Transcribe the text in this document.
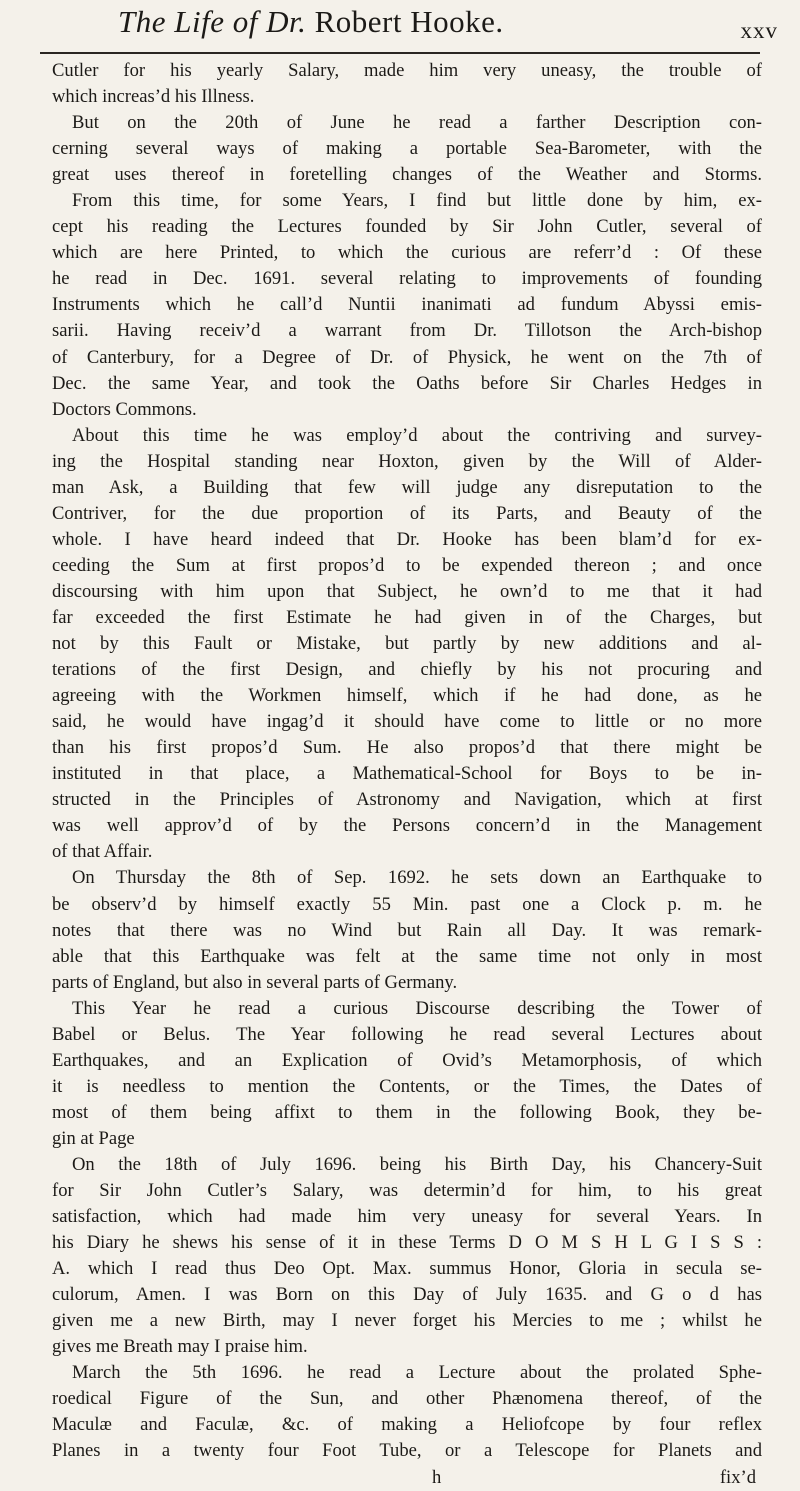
The Life of Dr. Robert Hooke.	xxv
Cutler for his yearly Salary, made him very uneasy, the trouble of
which increas’d his Illness.
But on the 20th of June he read a farther Description con-
cerning several ways of making a portable Sea-Barometer, with the
great uses thereof in foretelling changes of the Weather and Storms.
From this time, for some Years, I find but little done by him, ex-
cept his reading the Lectures founded by Sir John Cutler, several of
which are here Printed, to which the curious are referr’d : Of these
he read in Dec. 1691. several relating to improvements of founding
Instruments which he call’d Nuntii inanimati ad fundum Abyssi emis-
sarii. Having receiv’d a warrant from Dr. Tillotson the Arch-bishop
of Canterbury, for a Degree of Dr. of Physick, he went on the 7th of
Dec. the same Year, and took the Oaths before Sir Charles Hedges in
Doctors Commons.
About this time he was employ’d about the contriving and survey-
ing the Hospital standing near Hoxton, given by the Will of Alder-
man Ask, a Building that few will judge any disreputation to the
Contriver, for the due proportion of its Parts, and Beauty of the
whole. I have heard indeed that Dr. Hooke has been blam’d for ex-
ceeding the Sum at first propos’d to be expended thereon ; and once
discoursing with him upon that Subject, he own’d to me that it had
far exceeded the first Estimate he had given in of the Charges, but
not by this Fault or Mistake, but partly by new additions and al-
terations of the first Design, and chiefly by his not procuring and
agreeing with the Workmen himself, which if he had done, as he
said, he would have ingag’d it should have come to little or no more
than his first propos’d Sum. He also propos’d that there might be
instituted in that place, a Mathematical-School for Boys to be in-
structed in the Principles of Astronomy and Navigation, which at first
was well approv’d of by the Persons concern’d in the Management
of that Affair.
On Thursday the 8th of Sep. 1692. he sets down an Earthquake to
be observ’d by himself exactly 55 Min. past one a Clock p. m. he
notes that there was no Wind but Rain all Day. It was remark-
able that this Earthquake was felt at the same time not only in most
parts of England, but also in several parts of Germany.
This Year he read a curious Discourse describing the Tower of
Babel or Belus. The Year following he read several Lectures about
Earthquakes, and an Explication of Ovid’s Metamorphosis, of which
it is needless to mention the Contents, or the Times, the Dates of
most of them being affixt to them in the following Book, they be-
gin at Page
On the 18th of July 1696. being his Birth Day, his Chancery-Suit
for Sir John Cutler’s Salary, was determin’d for him, to his great
satisfaction, which had made him very uneasy for several Years. In
his Diary he shews his sense of it in these Terms D O M S H L G I S S :
A. which I read thus Deo Opt. Max. summus Honor, Gloria in secula se-
culorum, Amen. I was Born on this Day of July 1635. and G o d has
given me a new Birth, may I never forget his Mercies to me ; whilst he
gives me Breath may I praise him.
March the 5th 1696. he read a Lecture about the prolated Sphe-
roedical Figure of the Sun, and other Phænomena thereof, of the
Maculæ and Faculæ, &c. of making a Heliofcope by four reflex
Planes in a twenty four Foot Tube, or a Telescope for Planets and
h	fix’d
